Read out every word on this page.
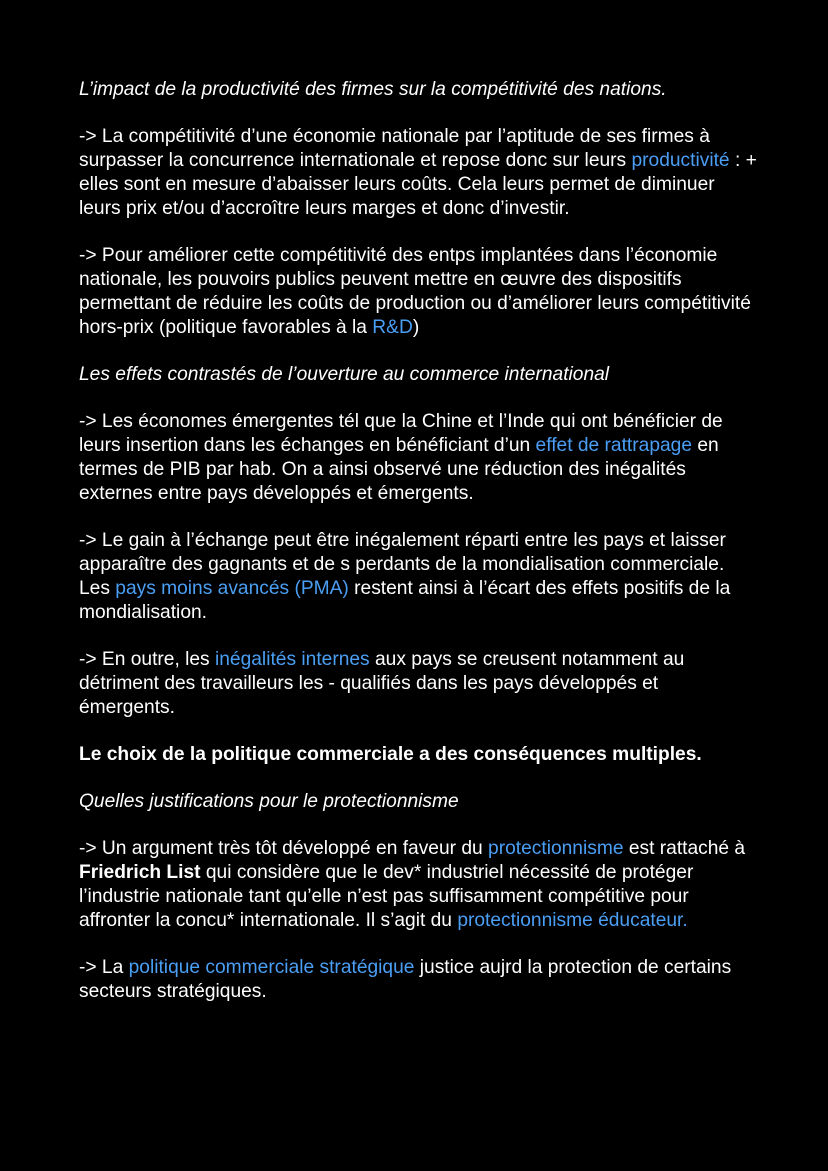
L’impact de la productivité des firmes sur la compétitivité des nations.
-> La compétitivité d’une économie nationale par l’aptitude de ses firmes à surpasser la concurrence internationale et repose donc sur leurs productivité : + elles sont en mesure d’abaisser leurs coûts. Cela leurs permet de diminuer leurs prix et/ou d’accroître leurs marges et donc d’investir.
-> Pour améliorer cette compétitivité des entps implantées dans l’économie nationale, les pouvoirs publics peuvent mettre en œuvre des dispositifs permettant de réduire les coûts de production ou d’améliorer leurs compétitivité hors-prix (politique favorables à la R&D)
Les effets contrastés de l’ouverture au commerce international
-> Les économes émergentes tél que la Chine et l’Inde qui ont bénéficier de leurs insertion dans les échanges en bénéficiant d’un effet de rattrapage en termes de PIB par hab. On a ainsi observé une réduction des inégalités externes entre pays développés et émergents.
-> Le gain à l’échange peut être inégalement réparti entre les pays et laisser apparaître des gagnants et de s perdants de la mondialisation commerciale. Les pays moins avancés (PMA) restent ainsi à l’écart des effets positifs de la mondialisation.
-> En outre, les inégalités internes aux pays se creusent notamment au détriment des travailleurs les - qualifiés dans les pays développés et émergents.
Le choix de la politique commerciale a des conséquences multiples.
Quelles justifications pour le protectionnisme
-> Un argument très tôt développé en faveur du protectionnisme est rattaché à Friedrich List qui considère que le dev* industriel nécessité de protéger l’industrie nationale tant qu’elle n’est pas suffisamment compétitive pour affronter la concu* internationale. Il s’agit du protectionnisme éducateur.
-> La politique commerciale stratégique justice aujrd la protection de certains secteurs stratégiques.
